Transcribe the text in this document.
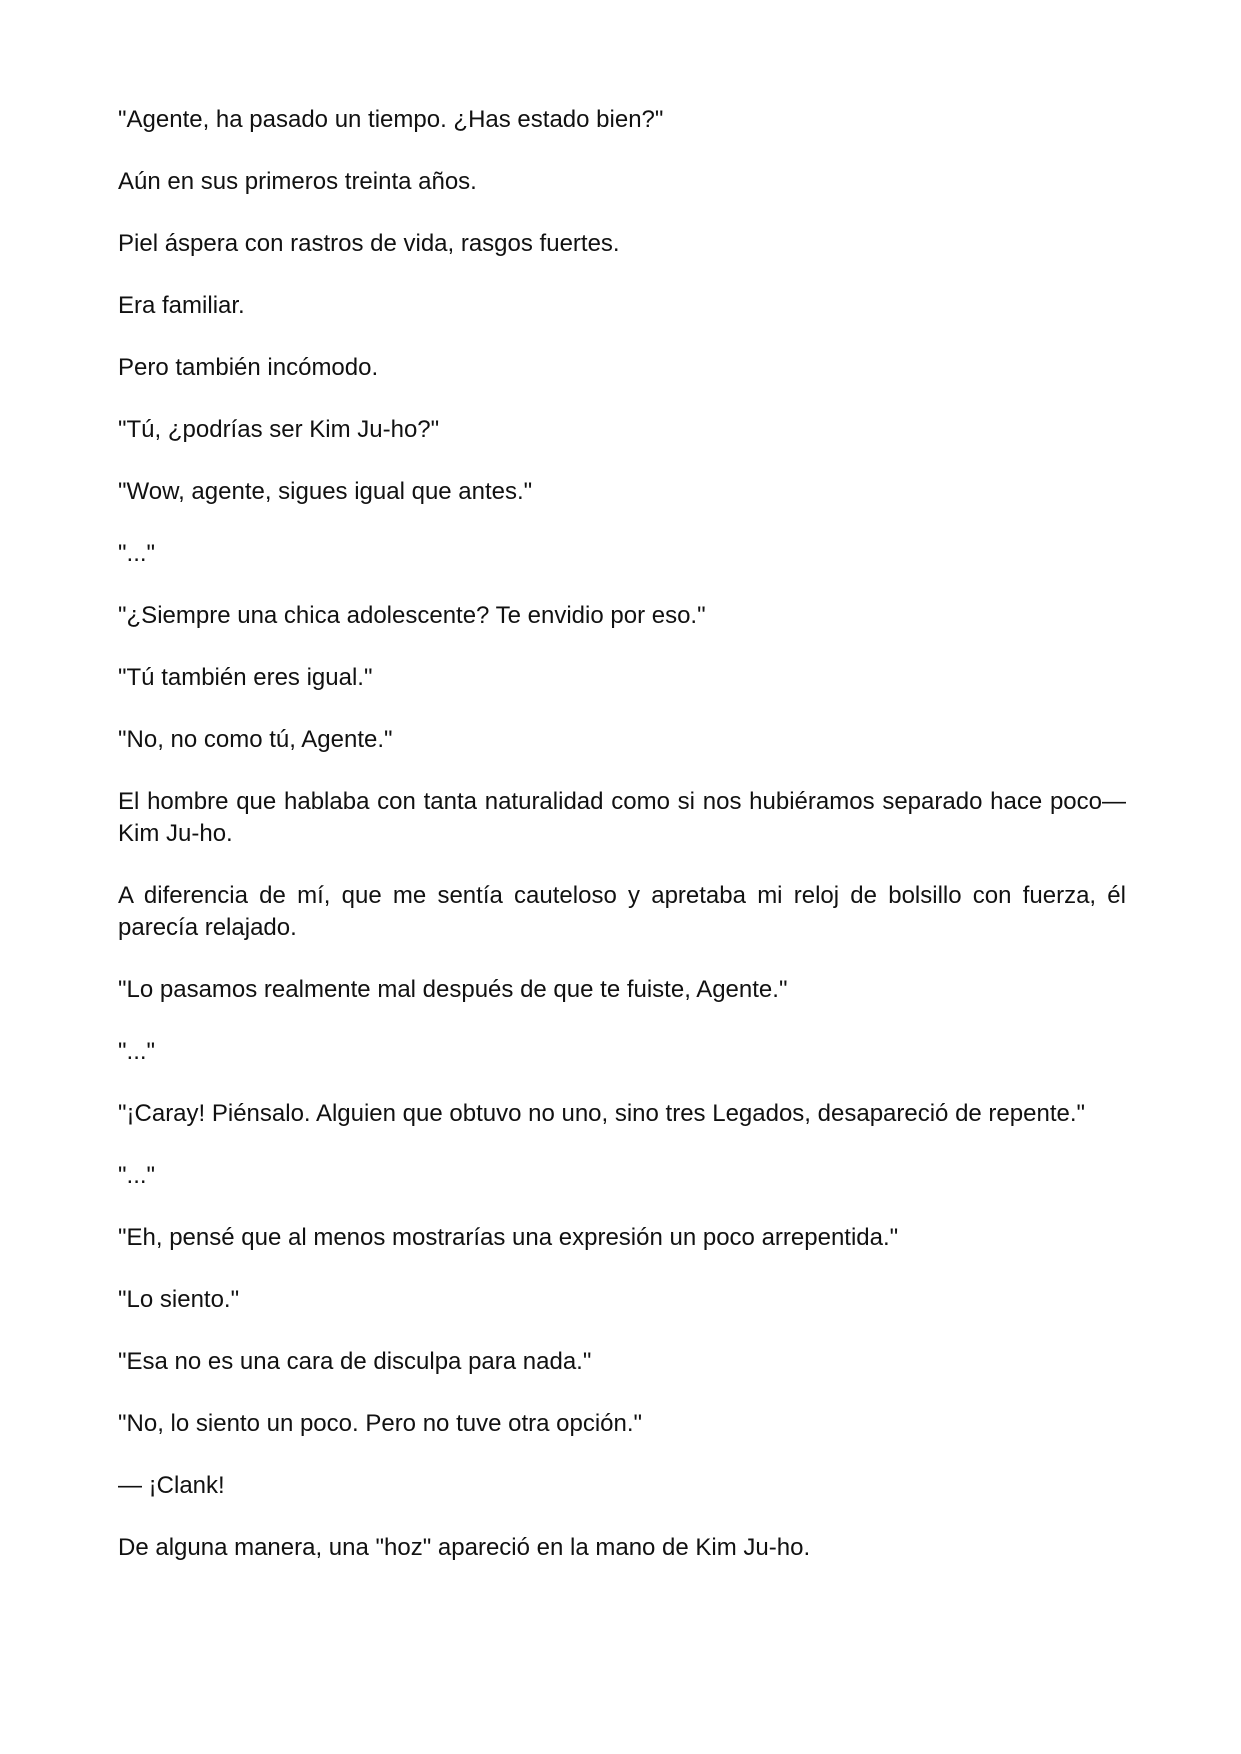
"Agente, ha pasado un tiempo. ¿Has estado bien?"

Aún en sus primeros treinta años.

Piel áspera con rastros de vida, rasgos fuertes.

Era familiar.

Pero también incómodo.

"Tú, ¿podrías ser Kim Ju-ho?"

"Wow, agente, sigues igual que antes."

"..."

"¿Siempre una chica adolescente? Te envidio por eso."

"Tú también eres igual."

"No, no como tú, Agente."

El hombre que hablaba con tanta naturalidad como si nos hubiéramos separado hace poco—Kim Ju-ho.

A diferencia de mí, que me sentía cauteloso y apretaba mi reloj de bolsillo con fuerza, él parecía relajado.

"Lo pasamos realmente mal después de que te fuiste, Agente."

"..."

"¡Caray! Piénsalo. Alguien que obtuvo no uno, sino tres Legados, desapareció de repente."

"..."

"Eh, pensé que al menos mostrarías una expresión un poco arrepentida."

"Lo siento."

"Esa no es una cara de disculpa para nada."

"No, lo siento un poco. Pero no tuve otra opción."

— ¡Clank!

De alguna manera, una "hoz" apareció en la mano de Kim Ju-ho.
